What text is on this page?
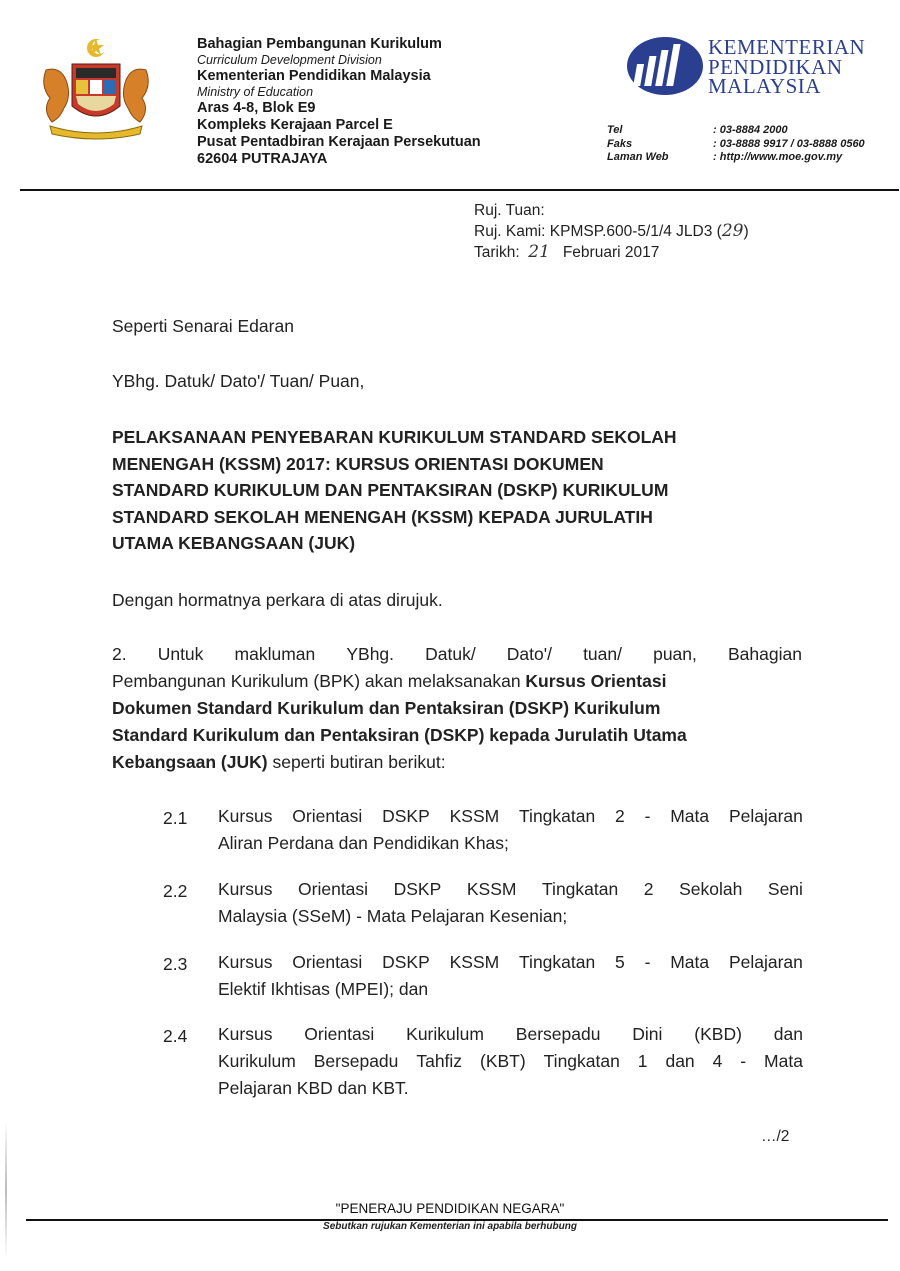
Bahagian Pembangunan Kurikulum
Curriculum Development Division
Kementerian Pendidikan Malaysia
Ministry of Education
Aras 4-8, Blok E9
Kompleks Kerajaan Parcel E
Pusat Pentadbiran Kerajaan Persekutuan
62604 PUTRAJAYA
KEMENTERIAN
PENDIDIKAN
MALAYSIA
Tel	: 03-8884 2000
Faks	: 03-8888 9917 / 03-8888 0560
Laman Web	: http://www.moe.gov.my
Ruj. Tuan:
Ruj. Kami: KPMSP.600-5/1/4 JLD3 (29)
Tarikh: 21 Februari 2017
Seperti Senarai Edaran
YBhg. Datuk/ Dato'/ Tuan/ Puan,
PELAKSANAAN PENYEBARAN KURIKULUM STANDARD SEKOLAH
MENENGAH (KSSM) 2017: KURSUS ORIENTASI DOKUMEN
STANDARD KURIKULUM DAN PENTAKSIRAN (DSKP) KURIKULUM
STANDARD SEKOLAH MENENGAH (KSSM) KEPADA JURULATIH
UTAMA KEBANGSAAN (JUK)
Dengan hormatnya perkara di atas dirujuk.
2. Untuk makluman YBhg. Datuk/ Dato'/ tuan/ puan, Bahagian
Pembangunan Kurikulum (BPK) akan melaksanakan Kursus Orientasi
Dokumen Standard Kurikulum dan Pentaksiran (DSKP) Kurikulum
Standard Kurikulum dan Pentaksiran (DSKP) kepada Jurulatih Utama
Kebangsaan (JUK) seperti butiran berikut:
2.1	Kursus Orientasi DSKP KSSM Tingkatan 2 - Mata Pelajaran
Aliran Perdana dan Pendidikan Khas;
2.2	Kursus Orientasi DSKP KSSM Tingkatan 2 Sekolah Seni
Malaysia (SSeM) - Mata Pelajaran Kesenian;
2.3	Kursus Orientasi DSKP KSSM Tingkatan 5 - Mata Pelajaran
Elektif Ikhtisas (MPEI); dan
2.4	Kursus Orientasi Kurikulum Bersepadu Dini (KBD) dan
Kurikulum Bersepadu Tahfiz (KBT) Tingkatan 1 dan 4 - Mata
Pelajaran KBD dan KBT.
…/2
"PENERAJU PENDIDIKAN NEGARA"
Sebutkan rujukan Kementerian ini apabila berhubung
